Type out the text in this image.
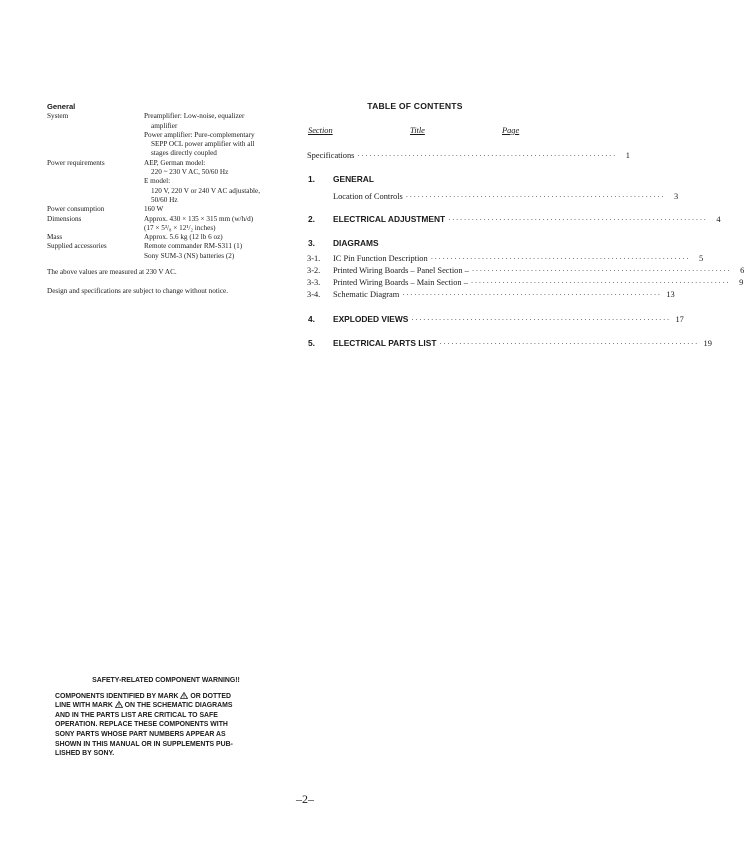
General
System	Preamplifier: Low-noise, equalizer
amplifier
Power amplifier: Pure-complementary
SEPP OCL power amplifier with all
stages directly coupled
Power requirements	AEP, German model:
220 ~ 230 V AC, 50/60 Hz
E model:
120 V, 220 V or 240 V AC adjustable,
50/60 Hz
Power consumption	160 W
Dimensions	Approx. 430 × 135 × 315 mm (w/h/d)
(17 × 5³/₈ × 12¹/₂ inches)
Mass	Approx. 5.6 kg (12 lb 6 oz)
Supplied accessories	Remote commander RM-S311 (1)
Sony SUM-3 (NS) batteries (2)
The above values are measured at 230 V AC.
Design and specifications are subject to change without notice.
TABLE OF CONTENTS
Section	Title	Page
Specifications ··································································	1
1. GENERAL
Location of Controls ··································································	3
2. ELECTRICAL ADJUSTMENT ··································································	4
3. DIAGRAMS
3-1. IC Pin Function Description ··································································	5
3-2. Printed Wiring Boards – Panel Section – ··································································	6
3-3. Printed Wiring Boards – Main Section – ··································································	9
3-4. Schematic Diagram ·································································· 13
4. EXPLODED VIEWS ·································································· 17
5. ELECTRICAL PARTS LIST ·································································· 19
SAFETY-RELATED COMPONENT WARNING!!
COMPONENTS IDENTIFIED BY MARK  OR DOTTED
LINE WITH MARK  ON THE SCHEMATIC DIAGRAMS
AND IN THE PARTS LIST ARE CRITICAL TO SAFE
OPERATION. REPLACE THESE COMPONENTS WITH
SONY PARTS WHOSE PART NUMBERS APPEAR AS
SHOWN IN THIS MANUAL OR IN SUPPLEMENTS PUB-
LISHED BY SONY.
–2–
